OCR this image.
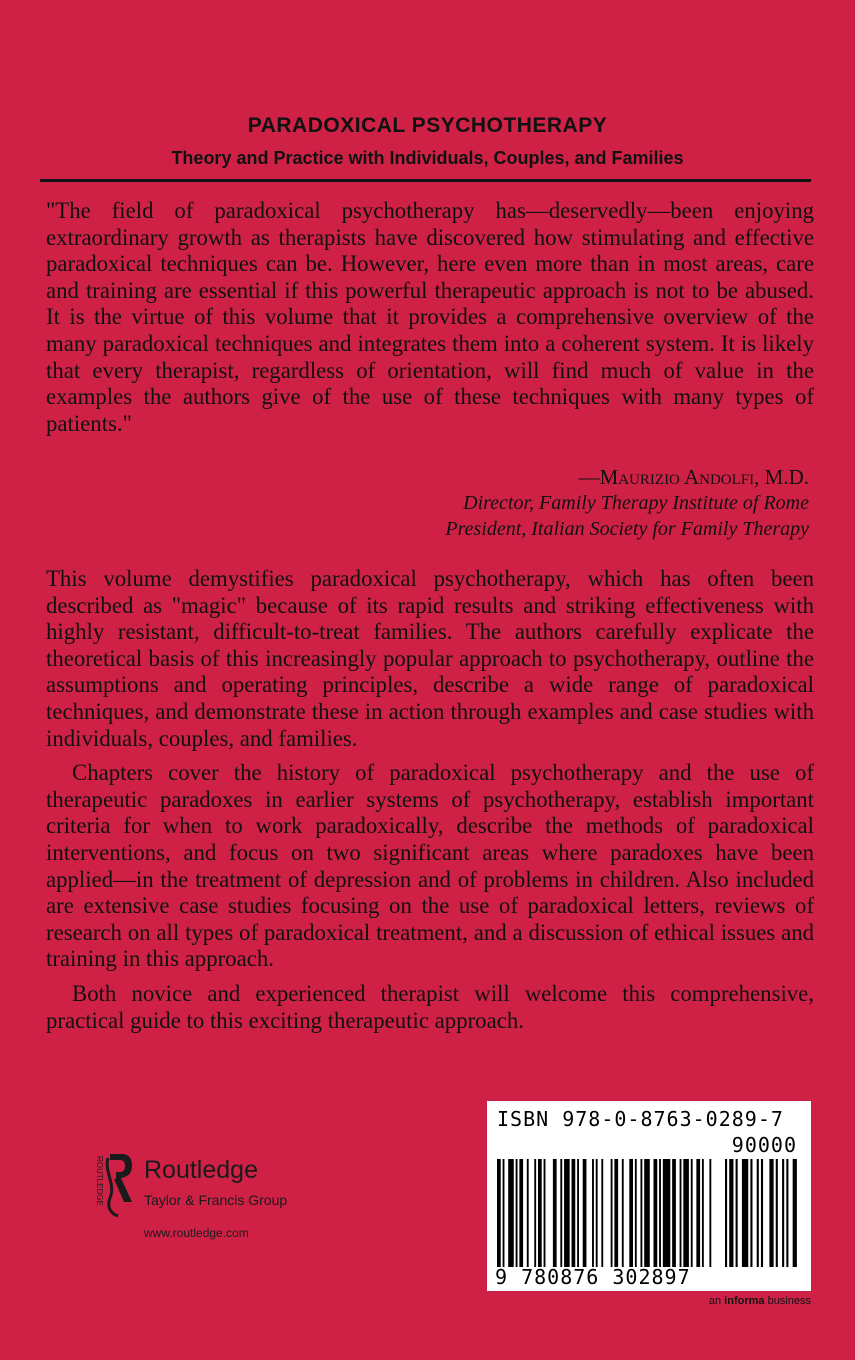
PARADOXICAL PSYCHOTHERAPY
Theory and Practice with Individuals, Couples, and Families

"The field of paradoxical psychotherapy has—deservedly—been enjoying extraordinary growth as therapists have discovered how stimulating and effective paradoxical techniques can be. However, here even more than in most areas, care and training are essential if this powerful therapeutic approach is not to be abused. It is the virtue of this volume that it provides a comprehensive overview of the many paradoxical techniques and integrates them into a coherent system. It is likely that every therapist, regardless of orientation, will find much of value in the examples the authors give of the use of these techniques with many types of patients."

—Maurizio Andolfi, M.D.
Director, Family Therapy Institute of Rome
President, Italian Society for Family Therapy

This volume demystifies paradoxical psychotherapy, which has often been described as "magic" because of its rapid results and striking effectiveness with highly resistant, difficult-to-treat families. The authors carefully explicate the theoretical basis of this increasingly popular approach to psychotherapy, outline the assumptions and operating principles, describe a wide range of paradoxical techniques, and demonstrate these in action through examples and case studies with individuals, couples, and families.

Chapters cover the history of paradoxical psychotherapy and the use of therapeutic paradoxes in earlier systems of psychotherapy, establish important criteria for when to work paradoxically, describe the methods of paradoxical interventions, and focus on two significant areas where paradoxes have been applied—in the treatment of depression and of problems in children. Also included are extensive case studies focusing on the use of paradoxical letters, reviews of research on all types of paradoxical treatment, and a discussion of ethical issues and training in this approach.

Both novice and experienced therapist will welcome this comprehensive, practical guide to this exciting therapeutic approach.

ROUTLEDGE Routledge
Taylor & Francis Group
www.routledge.com
ISBN 978-0-8763-0289-7
90000
9 780876 302897
an informa business
